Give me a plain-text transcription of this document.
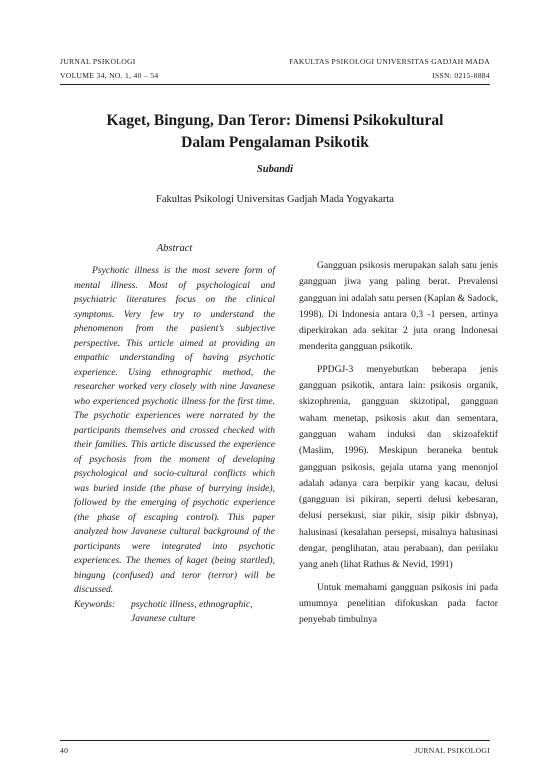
JURNAL PSIKOLOGI	FAKULTAS PSIKOLOGI UNIVERSITAS GADJAH MADA
VOLUME 34, NO. 1, 40 – 54	ISSN: 0215-8884
Kaget, Bingung, Dan Teror: Dimensi Psikokultural
Dalam Pengalaman Psikotik
Subandi
Fakultas Psikologi Universitas Gadjah Mada Yogyakarta
Abstract

Psychotic illness is the most severe form of mental illness. Most of psychological and psychiatric literatures focus on the clinical symptoms. Very few try to understand the phenomenon from the pasient’s subjective perspective. This article aimed at providing an empathic understanding of having psychotic experience. Using ethnographic method, the researcher worked very closely with nine Javanese who experienced psychotic illness for the first time. The psychotic experiences were narrated by the participants themselves and crossed checked with their families. This article discussed the experience of psychosis from the moment of developing psychological and socio-cultural conflicts which was buried inside (the phase of burrying inside), followed by the emerging of psychotic experience (the phase of escaping control). This paper analyzed how Javanese cultural background of the participants were integrated into psychotic experiences. The themes of kaget (being startled), bingung (confused) and teror (terror) will be discussed.

Keywords:	psychotic illness, ethnographic, Javanese culture

Gangguan psikosis merupakan salah satu jenis gangguan jiwa yang paling berat. Prevalensi gangguan ini adalah satu persen (Kaplan & Sadock, 1998). Di Indonesia antara 0,3 -1 persen, artinya diperkirakan ada sekitar 2 juta orang Indonesai menderita gangguan psikotik.

PPDGJ-3 menyebutkan beberapa jenis gangguan psikotik, antara lain: psikosis organik, skizophrenia, gangguan skizotipal, gangguan waham menetap, psikosis akut dan sementara, gangguan waham induksi dan skizoafektif (Maslim, 1996). Meskipun beraneka bentuk gangguan psikosis, gejala utama yang menonjol adalah adanya cara berpikir yang kacau, delusi (gangguan isi pikiran, seperti delusi kebesaran, delusi persekusi, siar pikir, sisip pikir dsbnya), halusinasi (kesalahan persepsi, misalnya halusinasi dengar, penglihatan, atau perabaan), dan perilaku yang aneh (lihat Rathus & Nevid, 1991)

Untuk memahami gangguan psikosis ini pada umumnya penelitian difokuskan pada factor penyebab timbulnya

40	JURNAL PSIKOLOGI
